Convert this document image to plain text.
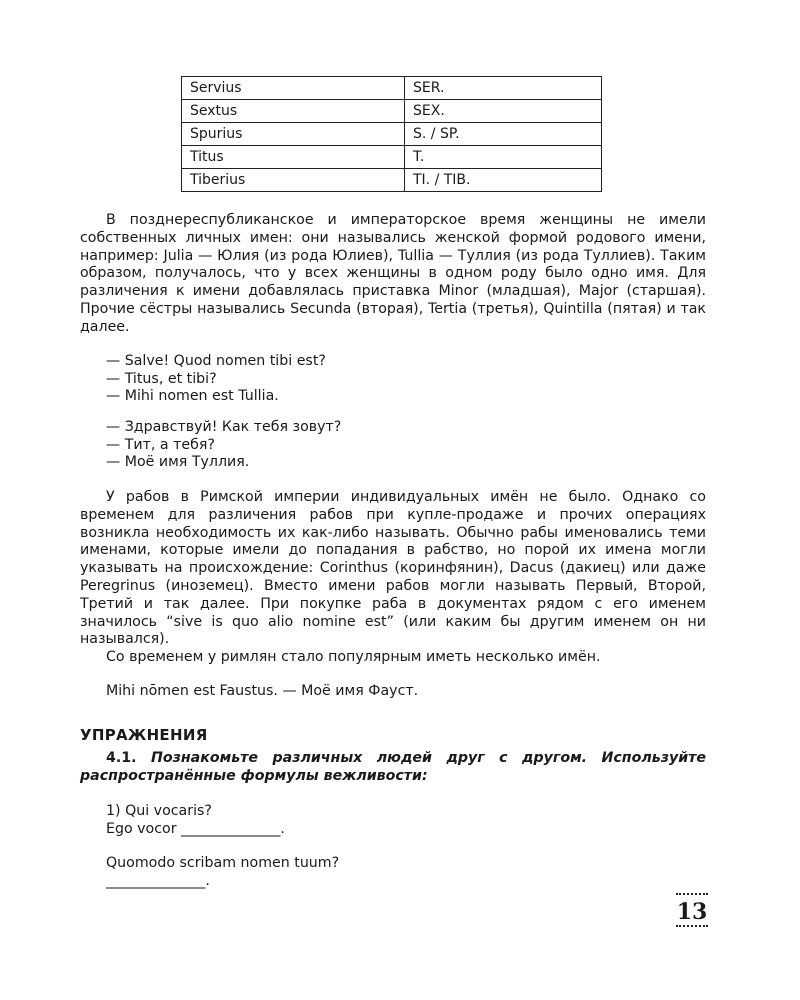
Servius	SER.
Sextus	SEX.
Spurius	S. / SP.
Titus	T.
Tiberius	TI. / TIB.

В позднереспубликанское и императорское время женщины не имели собственных личных имен: они назывались женской формой родового имени, например: Julia — Юлия (из рода Юлиев), Tullia — Туллия (из рода Туллиев). Таким образом, получалось, что у всех женщины в одном роду было одно имя. Для различения к имени добавлялась приставка Minor (младшая), Major (старшая). Прочие сёстры назывались Secunda (вторая), Tertia (третья), Quintilla (пятая) и так далее.

— Salve! Quod nomen tibi est?
— Titus, et tibi?
— Mihi nomen est Tullia.
— Здравствуй! Как тебя зовут?
— Тит, а тебя?
— Моё имя Туллия.

У рабов в Римской империи индивидуальных имён не было. Однако со временем для различения рабов при купле-продаже и прочих операциях возникла необходимость их как-либо называть. Обычно рабы именовались теми именами, которые имели до попадания в рабство, но порой их имена могли указывать на происхождение: Corinthus (коринфянин), Dacus (дакиец) или даже Peregrinus (иноземец). Вместо имени рабов могли называть Первый, Второй, Третий и так далее. При покупке раба в документах рядом с его именем значилось “sive is quo alio nomine est” (или каким бы другим именем он ни назывался).

Со временем у римлян стало популярным иметь несколько имён.
Mihi nōmen est Faustus. — Моё имя Фауст.
УПРАЖНЕНИЯ
4.1. Познакомьте различных людей друг с другом. Используйте распространённые формулы вежливости:
1) Qui vocaris?
Ego vocor ______________.
Quomodo scribam nomen tuum?
______________.
13
